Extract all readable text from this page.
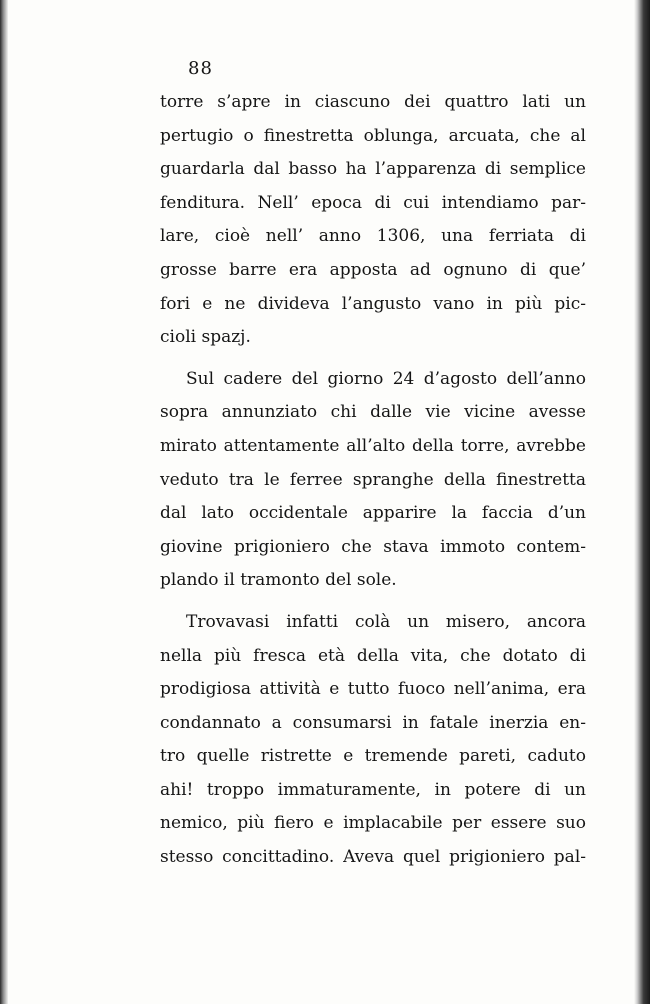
88
torre s’apre in ciascuno dei quattro lati un
pertugio o finestretta oblunga, arcuata, che al
guardarla dal basso ha l’apparenza di semplice
fenditura. Nell’ epoca di cui intendiamo par-
lare, cioè nell’ anno 1306, una ferriata di
grosse barre era apposta ad ognuno di que’
fori e ne divideva l’angusto vano in più pic-
cioli spazj.
Sul cadere del giorno 24 d’agosto dell’anno
sopra annunziato chi dalle vie vicine avesse
mirato attentamente all’alto della torre, avrebbe
veduto tra le ferree spranghe della finestretta
dal lato occidentale apparire la faccia d’un
giovine prigioniero che stava immoto contem-
plando il tramonto del sole.
Trovavasi infatti colà un misero, ancora
nella più fresca età della vita, che dotato di
prodigiosa attività e tutto fuoco nell’anima, era
condannato a consumarsi in fatale inerzia en-
tro quelle ristrette e tremende pareti, caduto
ahi! troppo immaturamente, in potere di un
nemico, più fiero e implacabile per essere suo
stesso concittadino. Aveva quel prigioniero pal-
